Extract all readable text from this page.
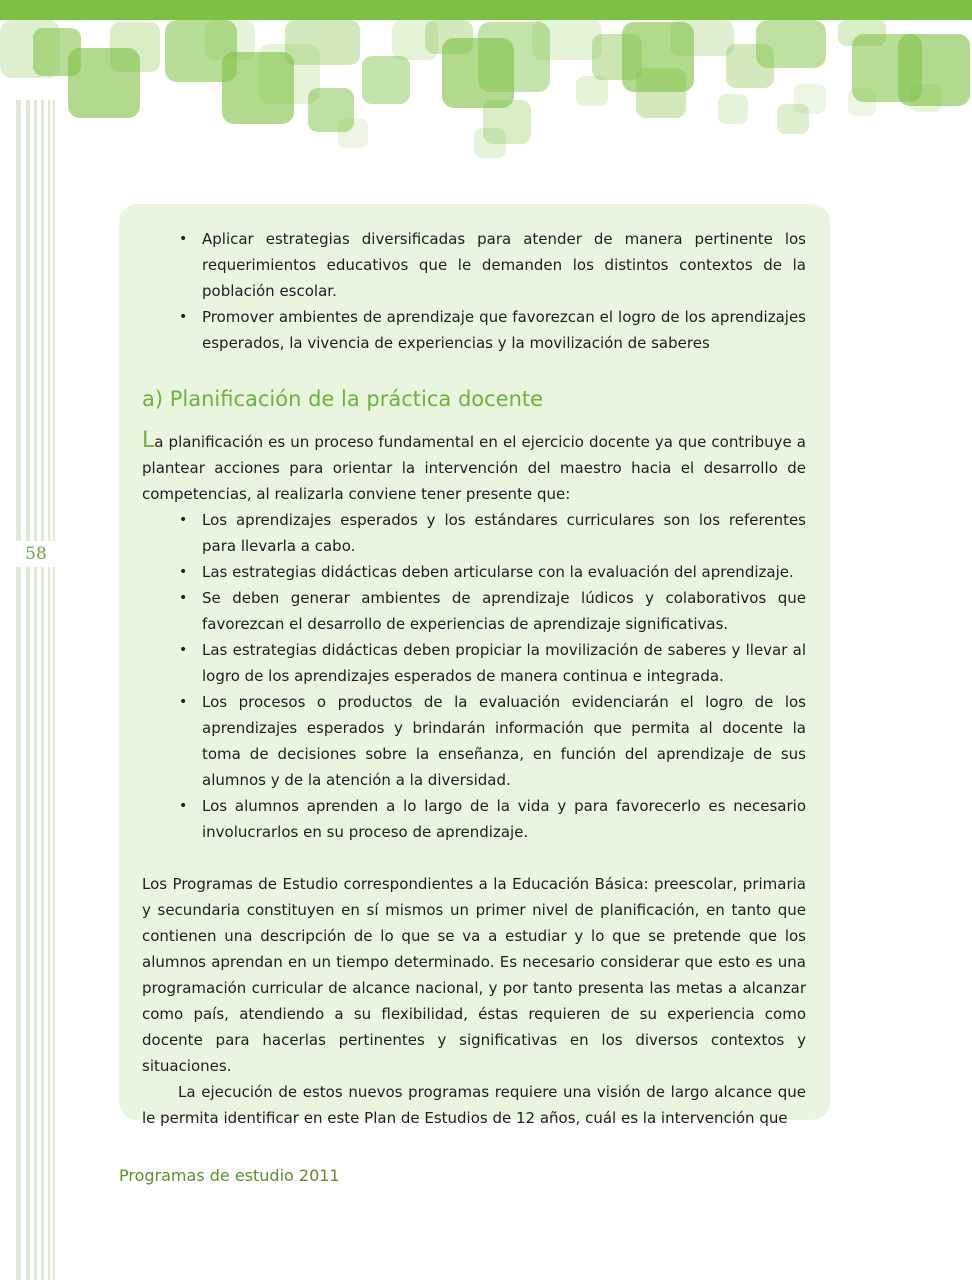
58
• Aplicar estrategias diversificadas para atender de manera pertinente los requerimientos educativos que le demanden los distintos contextos de la población escolar.
• Promover ambientes de aprendizaje que favorezcan el logro de los aprendizajes esperados, la vivencia de experiencias y la movilización de saberes
a) Planificación de la práctica docente

La planificación es un proceso fundamental en el ejercicio docente ya que contribuye a plantear acciones para orientar la intervención del maestro hacia el desarrollo de competencias, al realizarla conviene tener presente que:

• Los aprendizajes esperados y los estándares curriculares son los referentes para llevarla a cabo.
• Las estrategias didácticas deben articularse con la evaluación del aprendizaje.
• Se deben generar ambientes de aprendizaje lúdicos y colaborativos que favorezcan el desarrollo de experiencias de aprendizaje significativas.
• Las estrategias didácticas deben propiciar la movilización de saberes y llevar al logro de los aprendizajes esperados de manera continua e integrada.
• Los procesos o productos de la evaluación evidenciarán el logro de los aprendizajes esperados y brindarán información que permita al docente la toma de decisiones sobre la enseñanza, en función del aprendizaje de sus alumnos y de la atención a la diversidad.
• Los alumnos aprenden a lo largo de la vida y para favorecerlo es necesario involucrarlos en su proceso de aprendizaje.

Los Programas de Estudio correspondientes a la Educación Básica: preescolar, primaria y secundaria constituyen en sí mismos un primer nivel de planificación, en tanto que contienen una descripción de lo que se va a estudiar y lo que se pretende que los alumnos aprendan en un tiempo determinado. Es necesario considerar que esto es una programación curricular de alcance nacional, y por tanto presenta las metas a alcanzar como país, atendiendo a su flexibilidad, éstas requieren de su experiencia como docente para hacerlas pertinentes y significativas en los diversos contextos y situaciones.

La ejecución de estos nuevos programas requiere una visión de largo alcance que le permita identificar en este Plan de Estudios de 12 años, cuál es la intervención que

Programas de estudio 2011
